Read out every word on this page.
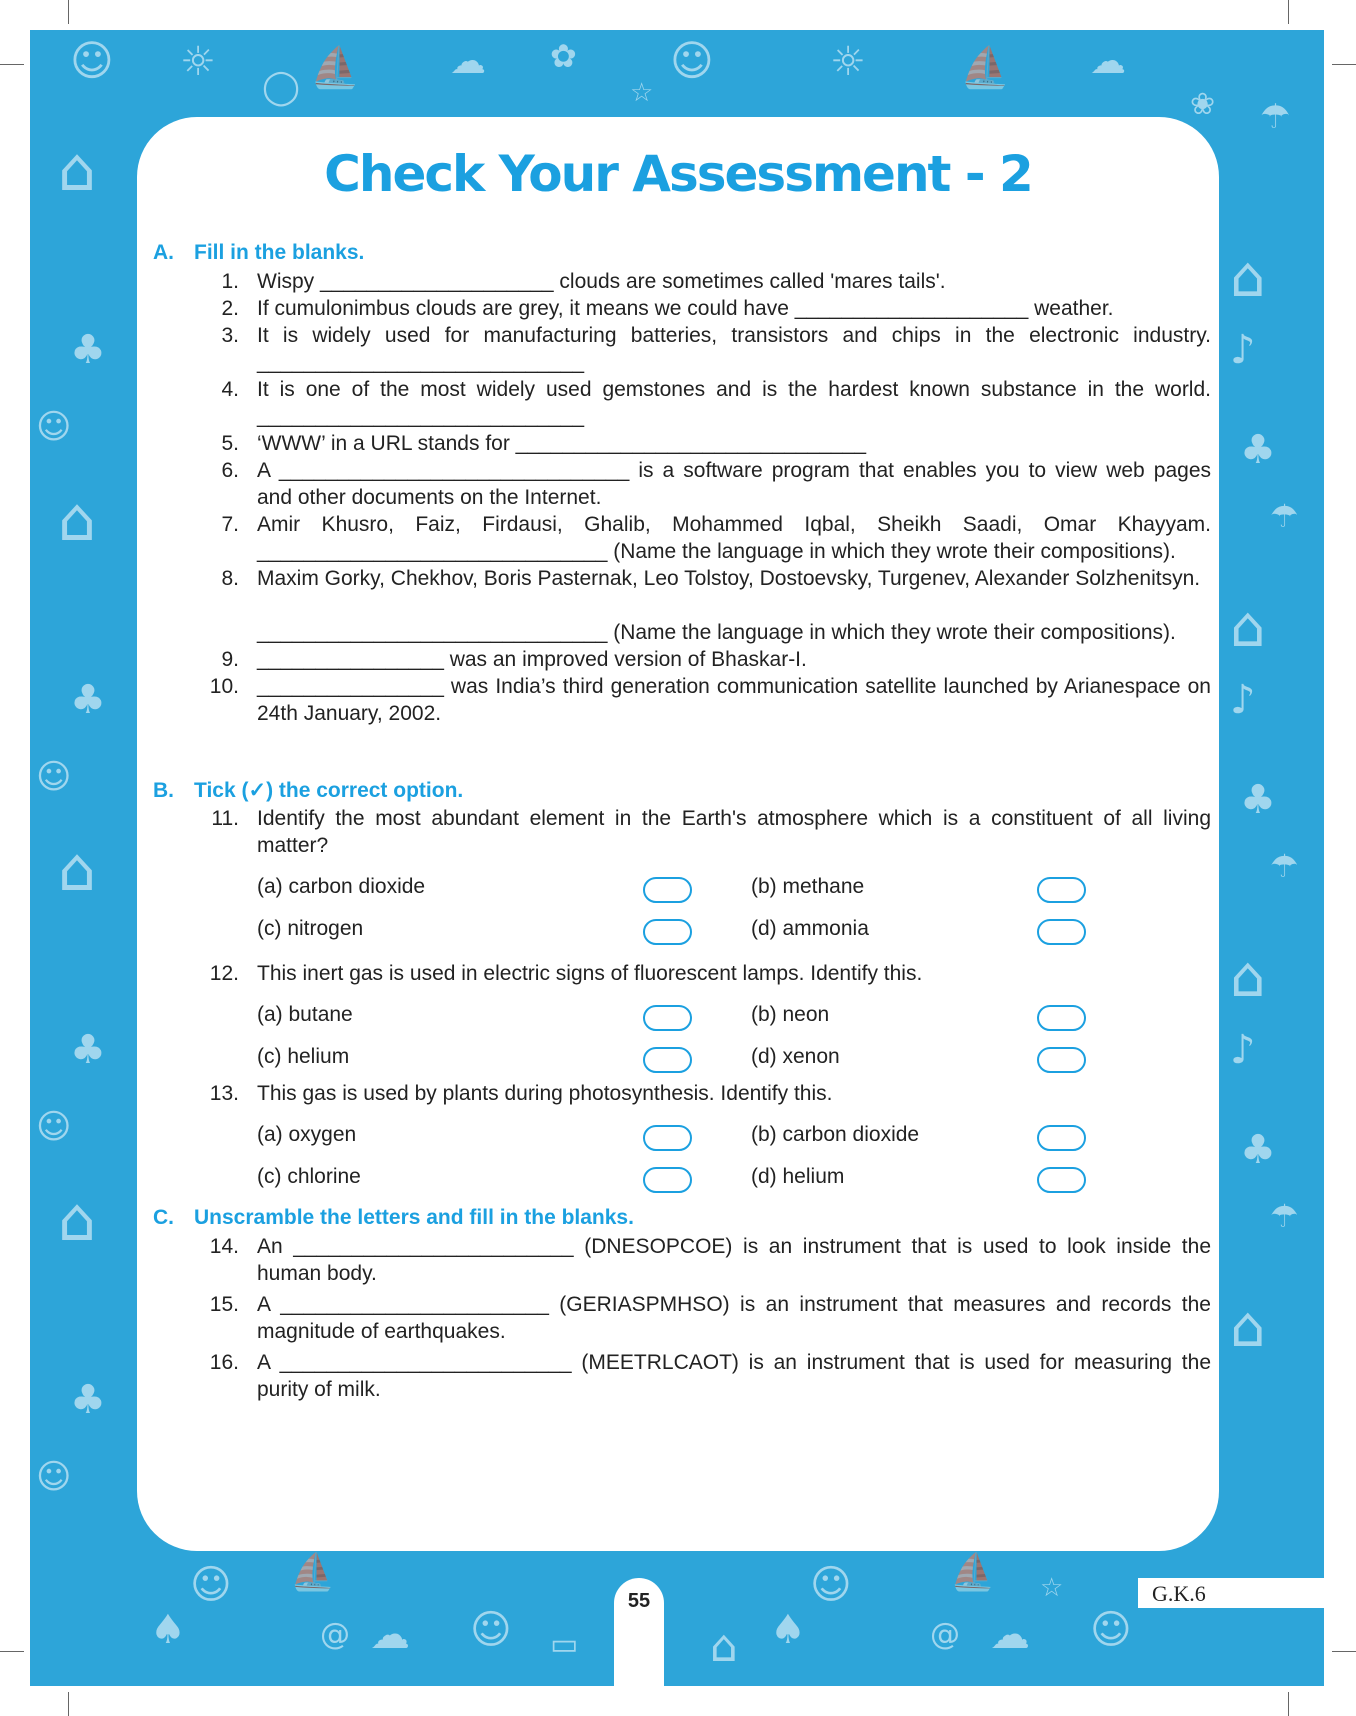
☼ ⛵
◯
☁ ✿
☆
☺	☼ ⛵ ☁
❀
☺
☂
⌂
⌂
⌂
⌂
♣
♣
♣
♣
☺
☺
☺
☺
⌂
⌂
⌂
⌂
♪
♪
♪
♣
♣
♣
☂
☂
☂
☺ ⛵
♠	@ ☁ ☺ ▭
☺	⛵
♠	@ ☁ ☺
☆
⌂
Check Your Assessment - 2
A. Fill in the blanks.
1. Wispy ____________________ clouds are sometimes called 'mares tails'.
2. If cumulonimbus clouds are grey, it means we could have ____________________ weather.
3. It is widely used for manufacturing batteries, transistors and chips in the electronic industry. ____________________________
4. It is one of the most widely used gemstones and is the hardest known substance in the world. ____________________________
5. ‘WWW’ in a URL stands for ______________________________
6. A ______________________________ is a software program that enables you to view web pages and other documents on the Internet.
7. Amir Khusro, Faiz, Firdausi, Ghalib, Mohammed Iqbal, Sheikh Saadi, Omar Khayyam. ______________________________ (Name the language in which they wrote their compositions).
8. Maxim Gorky, Chekhov, Boris Pasternak, Leo Tolstoy, Dostoevsky, Turgenev, Alexander Solzhenitsyn.
______________________________ (Name the language in which they wrote their compositions).
9. ________________ was an improved version of Bhaskar-I.
10. ________________ was India’s third generation communication satellite launched by Arianespace on 24th January, 2002.
B. Tick (✓) the correct option.
11. Identify the most abundant element in the Earth's atmosphere which is a constituent of all living matter?
(a) carbon dioxide	(b) methane
(c) nitrogen	(d) ammonia
12. This inert gas is used in electric signs of fluorescent lamps. Identify this.
(a) butane	(b) neon
(c) helium	(d) xenon
13. This gas is used by plants during photosynthesis. Identify this.
(a) oxygen	(b) carbon dioxide
(c) chlorine	(d) helium
C. Unscramble the letters and fill in the blanks.
14. An ________________________ (DNESOPCOE) is an instrument that is used to look inside the human body.
15. A _______________________ (GERIASPMHSO) is an instrument that measures and records the magnitude of earthquakes.
16. A _________________________ (MEETRLCAOT) is an instrument that is used for measuring the purity of milk.
55	G.K.6
